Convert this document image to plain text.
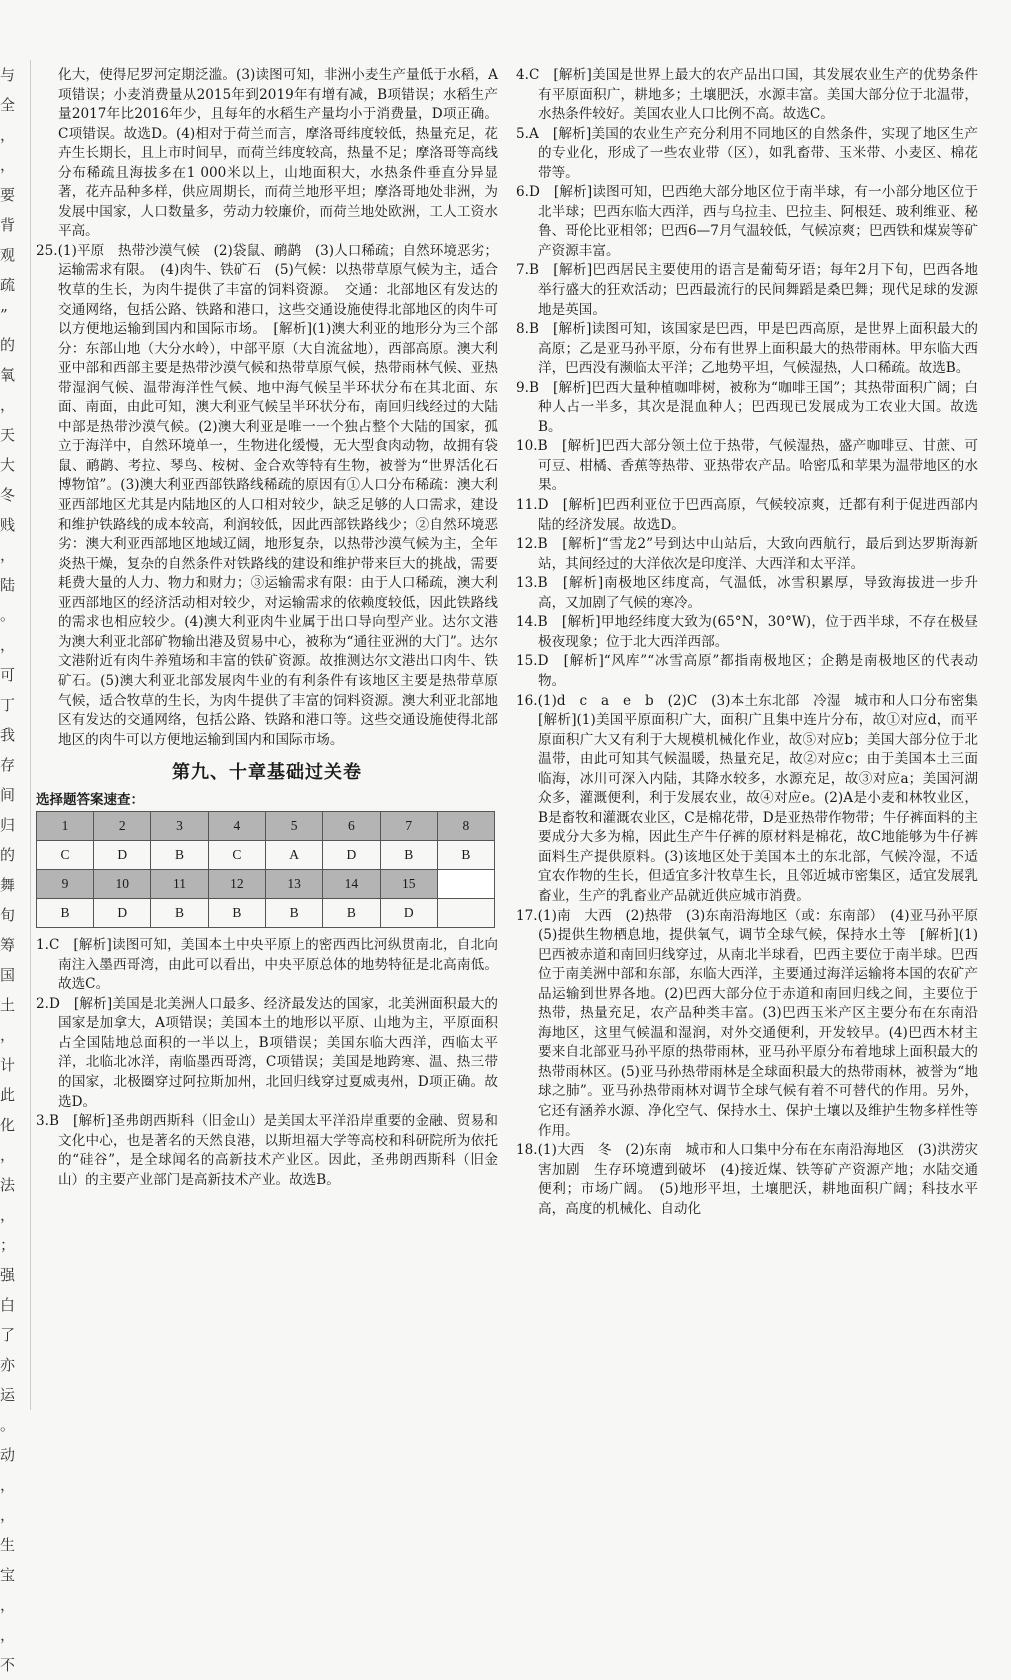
与
全
，
，
要
背
观
疏
”
的
氧
，
天
大
冬
贱
，
陆
。
，
可
丁
我
存
间
归
的
舞
旬
筹
国
土
，
计
此
化
，
法
，
；
强
白
了
亦
运
。
动
，
，
生
宝
，
，
不

化大，使得尼罗河定期泛滥。(3)读图可知，非洲小麦生产量低于水稻，A项错误；小麦消费量从2015年到2019年有增有减，B项错误；水稻生产量2017年比2016年少，且每年的水稻生产量均小于消费量，D项正确。C项错误。故选D。(4)相对于荷兰而言，摩洛哥纬度较低，热量充足，花卉生长期长，且上市时间早，而荷兰纬度较高，热量不足；摩洛哥等高线分布稀疏且海拔多在1 000米以上，山地面积大，水热条件垂直分异显著，花卉品种多样，供应周期长，而荷兰地形平坦；摩洛哥地处非洲，为发展中国家，人口数量多，劳动力较廉价，而荷兰地处欧洲，工人工资水平高。

25.(1)平原　热带沙漠气候　(2)袋鼠、鸸鹋　(3)人口稀疏；自然环境恶劣；运输需求有限。　(4)肉牛、铁矿石　(5)气候：以热带草原气候为主，适合牧草的生长，为肉牛提供了丰富的饲料资源。　交通：北部地区有发达的交通网络，包括公路、铁路和港口，这些交通设施使得北部地区的肉牛可以方便地运输到国内和国际市场。　[解析](1)澳大利亚的地形分为三个部分：东部山地（大分水岭），中部平原（大自流盆地），西部高原。澳大利亚中部和西部主要是热带沙漠气候和热带草原气候，热带雨林气候、亚热带湿润气候、温带海洋性气候、地中海气候呈半环状分布在其北面、东面、南面，由此可知，澳大利亚气候呈半环状分布，南回归线经过的大陆中部是热带沙漠气候。(2)澳大利亚是唯一一个独占整个大陆的国家，孤立于海洋中，自然环境单一，生物进化缓慢，无大型食肉动物，故拥有袋鼠、鸸鹋、考拉、琴鸟、桉树、金合欢等特有生物，被誉为“世界活化石博物馆”。(3)澳大利亚西部铁路线稀疏的原因有①人口分布稀疏：澳大利亚西部地区尤其是内陆地区的人口相对较少，缺乏足够的人口需求，建设和维护铁路线的成本较高，利润较低，因此西部铁路线少；②自然环境恶劣：澳大利亚西部地区地域辽阔，地形复杂，以热带沙漠气候为主，全年炎热干燥，复杂的自然条件对铁路线的建设和维护带来巨大的挑战，需要耗费大量的人力、物力和财力；③运输需求有限：由于人口稀疏，澳大利亚西部地区的经济活动相对较少，对运输需求的依赖度较低，因此铁路线的需求也相应较少。(4)澳大利亚肉牛业属于出口导向型产业。达尔文港为澳大利亚北部矿物输出港及贸易中心，被称为“通往亚洲的大门”。达尔文港附近有肉牛养殖场和丰富的铁矿资源。故推测达尔文港出口肉牛、铁矿石。(5)澳大利亚北部发展肉牛业的有利条件有该地区主要是热带草原气候，适合牧草的生长，为肉牛提供了丰富的饲料资源。澳大利亚北部地区有发达的交通网络，包括公路、铁路和港口等。这些交通设施使得北部地区的肉牛可以方便地运输到国内和国际市场。

第九、十章基础过关卷
选择题答案速查：
1	2	3	4	5	6	7	8
C	D	B	C	A	D	B	B
9	10	11	12	13	14	15	
B	D	B	B	B	B	D	

1.C　[解析]读图可知，美国本土中央平原上的密西西比河纵贯南北，自北向南注入墨西哥湾，由此可以看出，中央平原总体的地势特征是北高南低。故选C。

2.D　[解析]美国是北美洲人口最多、经济最发达的国家，北美洲面积最大的国家是加拿大，A项错误；美国本土的地形以平原、山地为主，平原面积占全国陆地总面积的一半以上，B项错误；美国东临大西洋，西临太平洋，北临北冰洋，南临墨西哥湾，C项错误；美国是地跨寒、温、热三带的国家，北极圈穿过阿拉斯加州，北回归线穿过夏威夷州，D项正确。故选D。

3.B　[解析]圣弗朗西斯科（旧金山）是美国太平洋沿岸重要的金融、贸易和文化中心，也是著名的天然良港，以斯坦福大学等高校和科研院所为依托的“硅谷”，是全球闻名的高新技术产业区。因此，圣弗朗西斯科（旧金山）的主要产业部门是高新技术产业。故选B。

4.C　[解析]美国是世界上最大的农产品出口国，其发展农业生产的优势条件有平原面积广，耕地多；土壤肥沃，水源丰富。美国大部分位于北温带，水热条件较好。美国农业人口比例不高。故选C。

5.A　[解析]美国的农业生产充分利用不同地区的自然条件，实现了地区生产的专业化，形成了一些农业带（区），如乳畜带、玉米带、小麦区、棉花带等。

6.D　[解析]读图可知，巴西绝大部分地区位于南半球，有一小部分地区位于北半球；巴西东临大西洋，西与乌拉圭、巴拉圭、阿根廷、玻利维亚、秘鲁、哥伦比亚相邻；巴西6—7月气温较低，气候凉爽；巴西铁和煤炭等矿产资源丰富。

7.B　[解析]巴西居民主要使用的语言是葡萄牙语；每年2月下旬，巴西各地举行盛大的狂欢活动；巴西最流行的民间舞蹈是桑巴舞；现代足球的发源地是英国。

8.B　[解析]读图可知，该国家是巴西，甲是巴西高原，是世界上面积最大的高原；乙是亚马孙平原，分布有世界上面积最大的热带雨林。甲东临大西洋，巴西没有濒临太平洋；乙地势平坦，气候湿热，人口稀疏。故选B。

9.B　[解析]巴西大量种植咖啡树，被称为“咖啡王国”；其热带面积广阔；白种人占一半多，其次是混血种人；巴西现已发展成为工农业大国。故选B。

10.B　[解析]巴西大部分领土位于热带，气候湿热，盛产咖啡豆、甘蔗、可可豆、柑橘、香蕉等热带、亚热带农产品。哈密瓜和苹果为温带地区的水果。

11.D　[解析]巴西利亚位于巴西高原，气候较凉爽，迁都有利于促进西部内陆的经济发展。故选D。

12.B　[解析]“雪龙2”号到达中山站后，大致向西航行，最后到达罗斯海新站，其间经过的大洋依次是印度洋、大西洋和太平洋。

13.B　[解析]南极地区纬度高，气温低，冰雪积累厚，导致海拔进一步升高，又加剧了气候的寒冷。

14.B　[解析]甲地经纬度大致为(65°N，30°W)，位于西半球，不存在极昼极夜现象；位于北大西洋西部。

15.D　[解析]“风库”“冰雪高原”都指南极地区；企鹅是南极地区的代表动物。

16.(1)d　c　a　e　b　(2)C　(3)本土东北部　冷湿　城市和人口分布密集　[解析](1)美国平原面积广大，面积广且集中连片分布，故①对应d，而平原面积广大又有利于大规模机械化作业，故⑤对应b；美国大部分位于北温带，由此可知其气候温暖，热量充足，故②对应c；由于美国本土三面临海，冰川可深入内陆，其降水较多，水源充足，故③对应a；美国河湖众多，灌溉便利，利于发展农业，故④对应e。(2)A是小麦和林牧业区，B是畜牧和灌溉农业区，C是棉花带，D是亚热带作物带；牛仔裤面料的主要成分大多为棉，因此生产牛仔裤的原材料是棉花，故C地能够为牛仔裤面料生产提供原料。(3)该地区处于美国本土的东北部，气候冷湿，不适宜农作物的生长，但适宜多汁牧草生长，且邻近城市密集区，适宜发展乳畜业，生产的乳畜业产品就近供应城市消费。

17.(1)南　大西　(2)热带　(3)东南沿海地区（或：东南部）　(4)亚马孙平原　(5)提供生物栖息地，提供氧气，调节全球气候，保持水土等　[解析](1)巴西被赤道和南回归线穿过，从南北半球看，巴西主要位于南半球。巴西位于南美洲中部和东部，东临大西洋，主要通过海洋运输将本国的农矿产品运输到世界各地。(2)巴西大部分位于赤道和南回归线之间，主要位于热带，热量充足，农产品种类丰富。(3)巴西玉米产区主要分布在东南沿海地区，这里气候温和湿润，对外交通便利，开发较早。(4)巴西木材主要来自北部亚马孙平原的热带雨林，亚马孙平原分布着地球上面积最大的热带雨林区。(5)亚马孙热带雨林是全球面积最大的热带雨林，被誉为“地球之肺”。亚马孙热带雨林对调节全球气候有着不可替代的作用。另外，它还有涵养水源、净化空气、保持水土、保护土壤以及维护生物多样性等作用。

18.(1)大西　冬　(2)东南　城市和人口集中分布在东南沿海地区　(3)洪涝灾害加剧　生存环境遭到破坏　(4)接近煤、铁等矿产资源产地；水陆交通便利；市场广阔。　(5)地形平坦，土壤肥沃，耕地面积广阔；科技水平高，高度的机械化、自动化
